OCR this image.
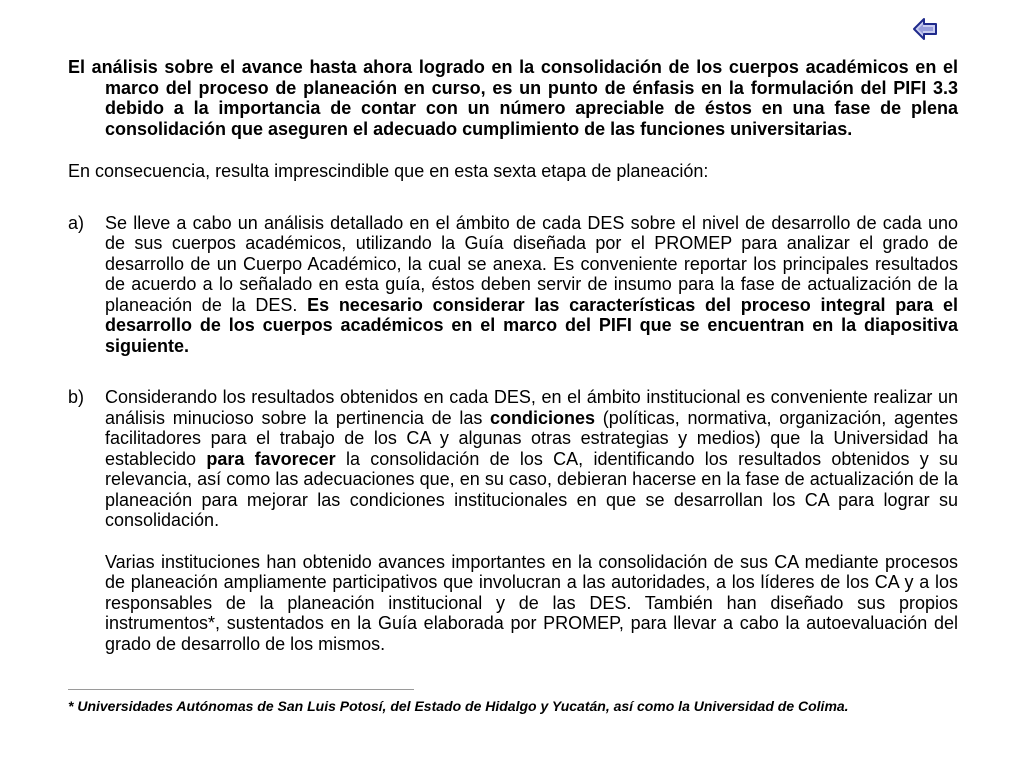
El análisis sobre el avance hasta ahora logrado en la consolidación de los cuerpos académicos en el marco del proceso de planeación en curso, es un punto de énfasis en la formulación del PIFI 3.3 debido a la importancia de contar con un número apreciable de éstos en una fase de plena consolidación que aseguren el adecuado cumplimiento de las funciones universitarias.

En consecuencia, resulta imprescindible que en esta sexta etapa de planeación:

a)	Se lleve a cabo un análisis detallado en el ámbito de cada DES sobre el nivel de desarrollo de cada uno de sus cuerpos académicos, utilizando la Guía diseñada por el PROMEP para analizar el grado de desarrollo de un Cuerpo Académico, la cual se anexa. Es conveniente reportar los principales resultados de acuerdo a lo señalado en esta guía, éstos deben servir de insumo para la fase de actualización de la planeación de la DES. Es necesario considerar las características del proceso integral para el desarrollo de los cuerpos académicos en el marco del PIFI que se encuentran en la diapositiva siguiente.
b)	Considerando los resultados obtenidos en cada DES, en el ámbito institucional es conveniente realizar un análisis minucioso sobre la pertinencia de las condiciones (políticas, normativa, organización, agentes facilitadores para el trabajo de los CA y algunas otras estrategias y medios) que la Universidad ha establecido para favorecer la consolidación de los CA, identificando los resultados obtenidos y su relevancia, así como las adecuaciones que, en su caso, debieran hacerse en la fase de actualización de la planeación para mejorar las condiciones institucionales en que se desarrollan los CA para lograr su consolidación.
Varias instituciones han obtenido avances importantes en la consolidación de sus CA mediante procesos de planeación ampliamente participativos que involucran a las autoridades, a los líderes de los CA y a los responsables de la planeación institucional y de las DES. También han diseñado sus propios instrumentos*, sustentados en la Guía elaborada por PROMEP, para llevar a cabo la autoevaluación del grado de desarrollo de los mismos.
* Universidades Autónomas de San Luis Potosí, del Estado de Hidalgo y Yucatán, así como la Universidad de Colima.
